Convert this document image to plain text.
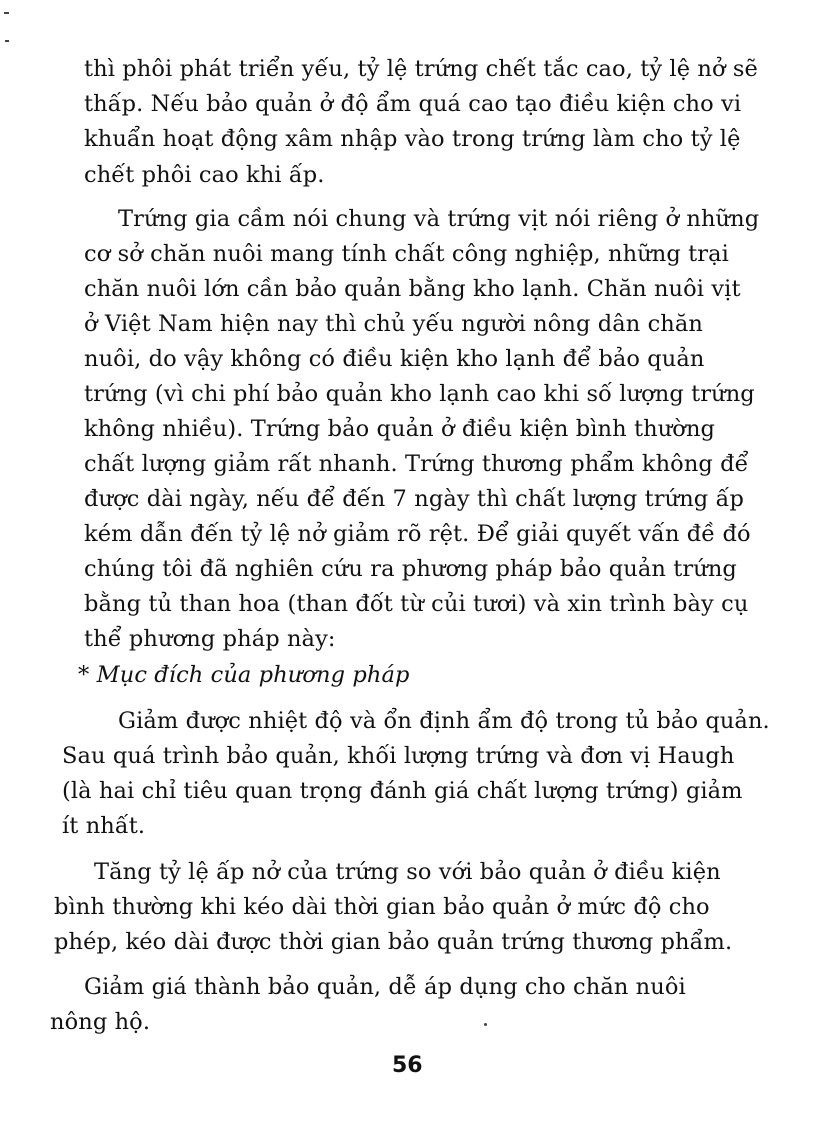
thì phôi phát triển yếu, tỷ lệ trứng chết tắc cao, tỷ lệ nở sẽ
thấp. Nếu bảo quản ở độ ẩm quá cao tạo điều kiện cho vi
khuẩn hoạt động xâm nhập vào trong trứng làm cho tỷ lệ
chết phôi cao khi ấp.
Trứng gia cầm nói chung và trứng vịt nói riêng ở những
cơ sở chăn nuôi mang tính chất công nghiệp, những trại
chăn nuôi lớn cần bảo quản bằng kho lạnh. Chăn nuôi vịt
ở Việt Nam hiện nay thì chủ yếu người nông dân chăn
nuôi, do vậy không có điều kiện kho lạnh để bảo quản
trứng (vì chi phí bảo quản kho lạnh cao khi số lượng trứng
không nhiều). Trứng bảo quản ở điều kiện bình thường
chất lượng giảm rất nhanh. Trứng thương phẩm không để
được dài ngày, nếu để đến 7 ngày thì chất lượng trứng ấp
kém dẫn đến tỷ lệ nở giảm rõ rệt. Để giải quyết vấn đề đó
chúng tôi đã nghiên cứu ra phương pháp bảo quản trứng
bằng tủ than hoa (than đốt từ củi tươi) và xin trình bày cụ
thể phương pháp này:
* Mục đích của phương pháp
Giảm được nhiệt độ và ổn định ẩm độ trong tủ bảo quản.
Sau quá trình bảo quản, khối lượng trứng và đơn vị Haugh
(là hai chỉ tiêu quan trọng đánh giá chất lượng trứng) giảm
ít nhất.
Tăng tỷ lệ ấp nở của trứng so với bảo quản ở điều kiện
bình thường khi kéo dài thời gian bảo quản ở mức độ cho
phép, kéo dài được thời gian bảo quản trứng thương phẩm.
Giảm giá thành bảo quản, dễ áp dụng cho chăn nuôi
nông hộ.
56
